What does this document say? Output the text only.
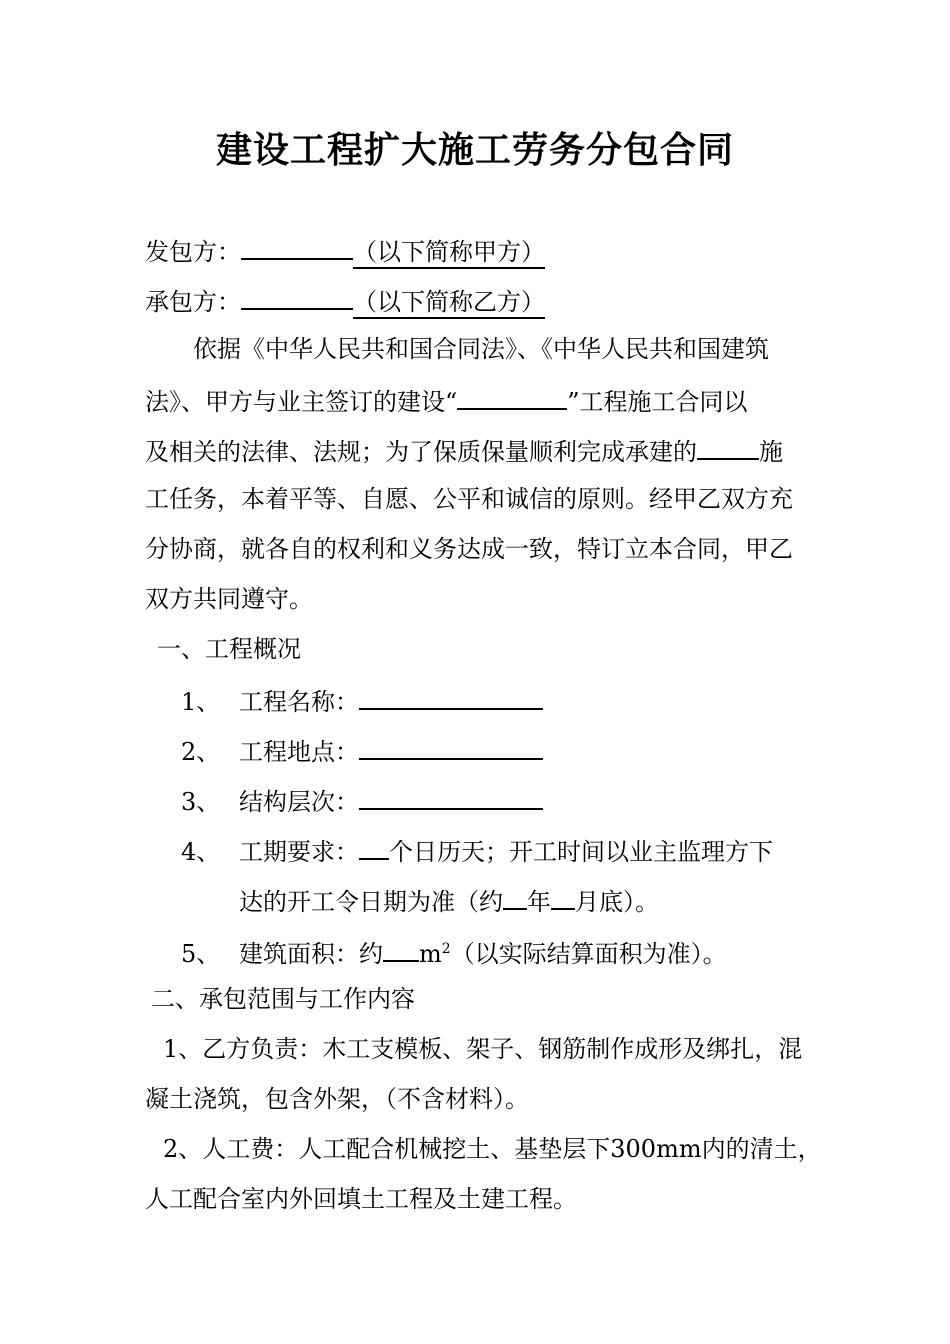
建设工程扩大施工劳务分包合同
发包方：	（以下简称甲方）
承包方：	（以下简称乙方）
依据《中华人民共和国合同法》、《中华人民共和国建筑
法》、甲方与业主签订的建设“	”工程施工合同以
及相关的法律、法规；为了保质保量顺利完成承建的	施
工任务，本着平等、自愿、公平和诚信的原则。经甲乙双方充
分协商，就各自的权利和义务达成一致，特订立本合同，甲乙
双方共同遵守。
一、工程概况
1、 工程名称：
2、 工程地点：
3、 结构层次：
4、 工期要求： 个日历天；开工时间以业主监理方下
达的开工令日期为准（约 年 月底）。
5、 建筑面积：约 $m^2$（以实际结算面积为准）。
二、承包范围与工作内容
1、乙方负责：木工支模板、架子、钢筋制作成形及绑扎，混
凝土浇筑，包含外架，（不含材料）。
2、人工费：人工配合机械挖土、基垫层下300mm内的清土，
人工配合室内外回填土工程及土建工程。
